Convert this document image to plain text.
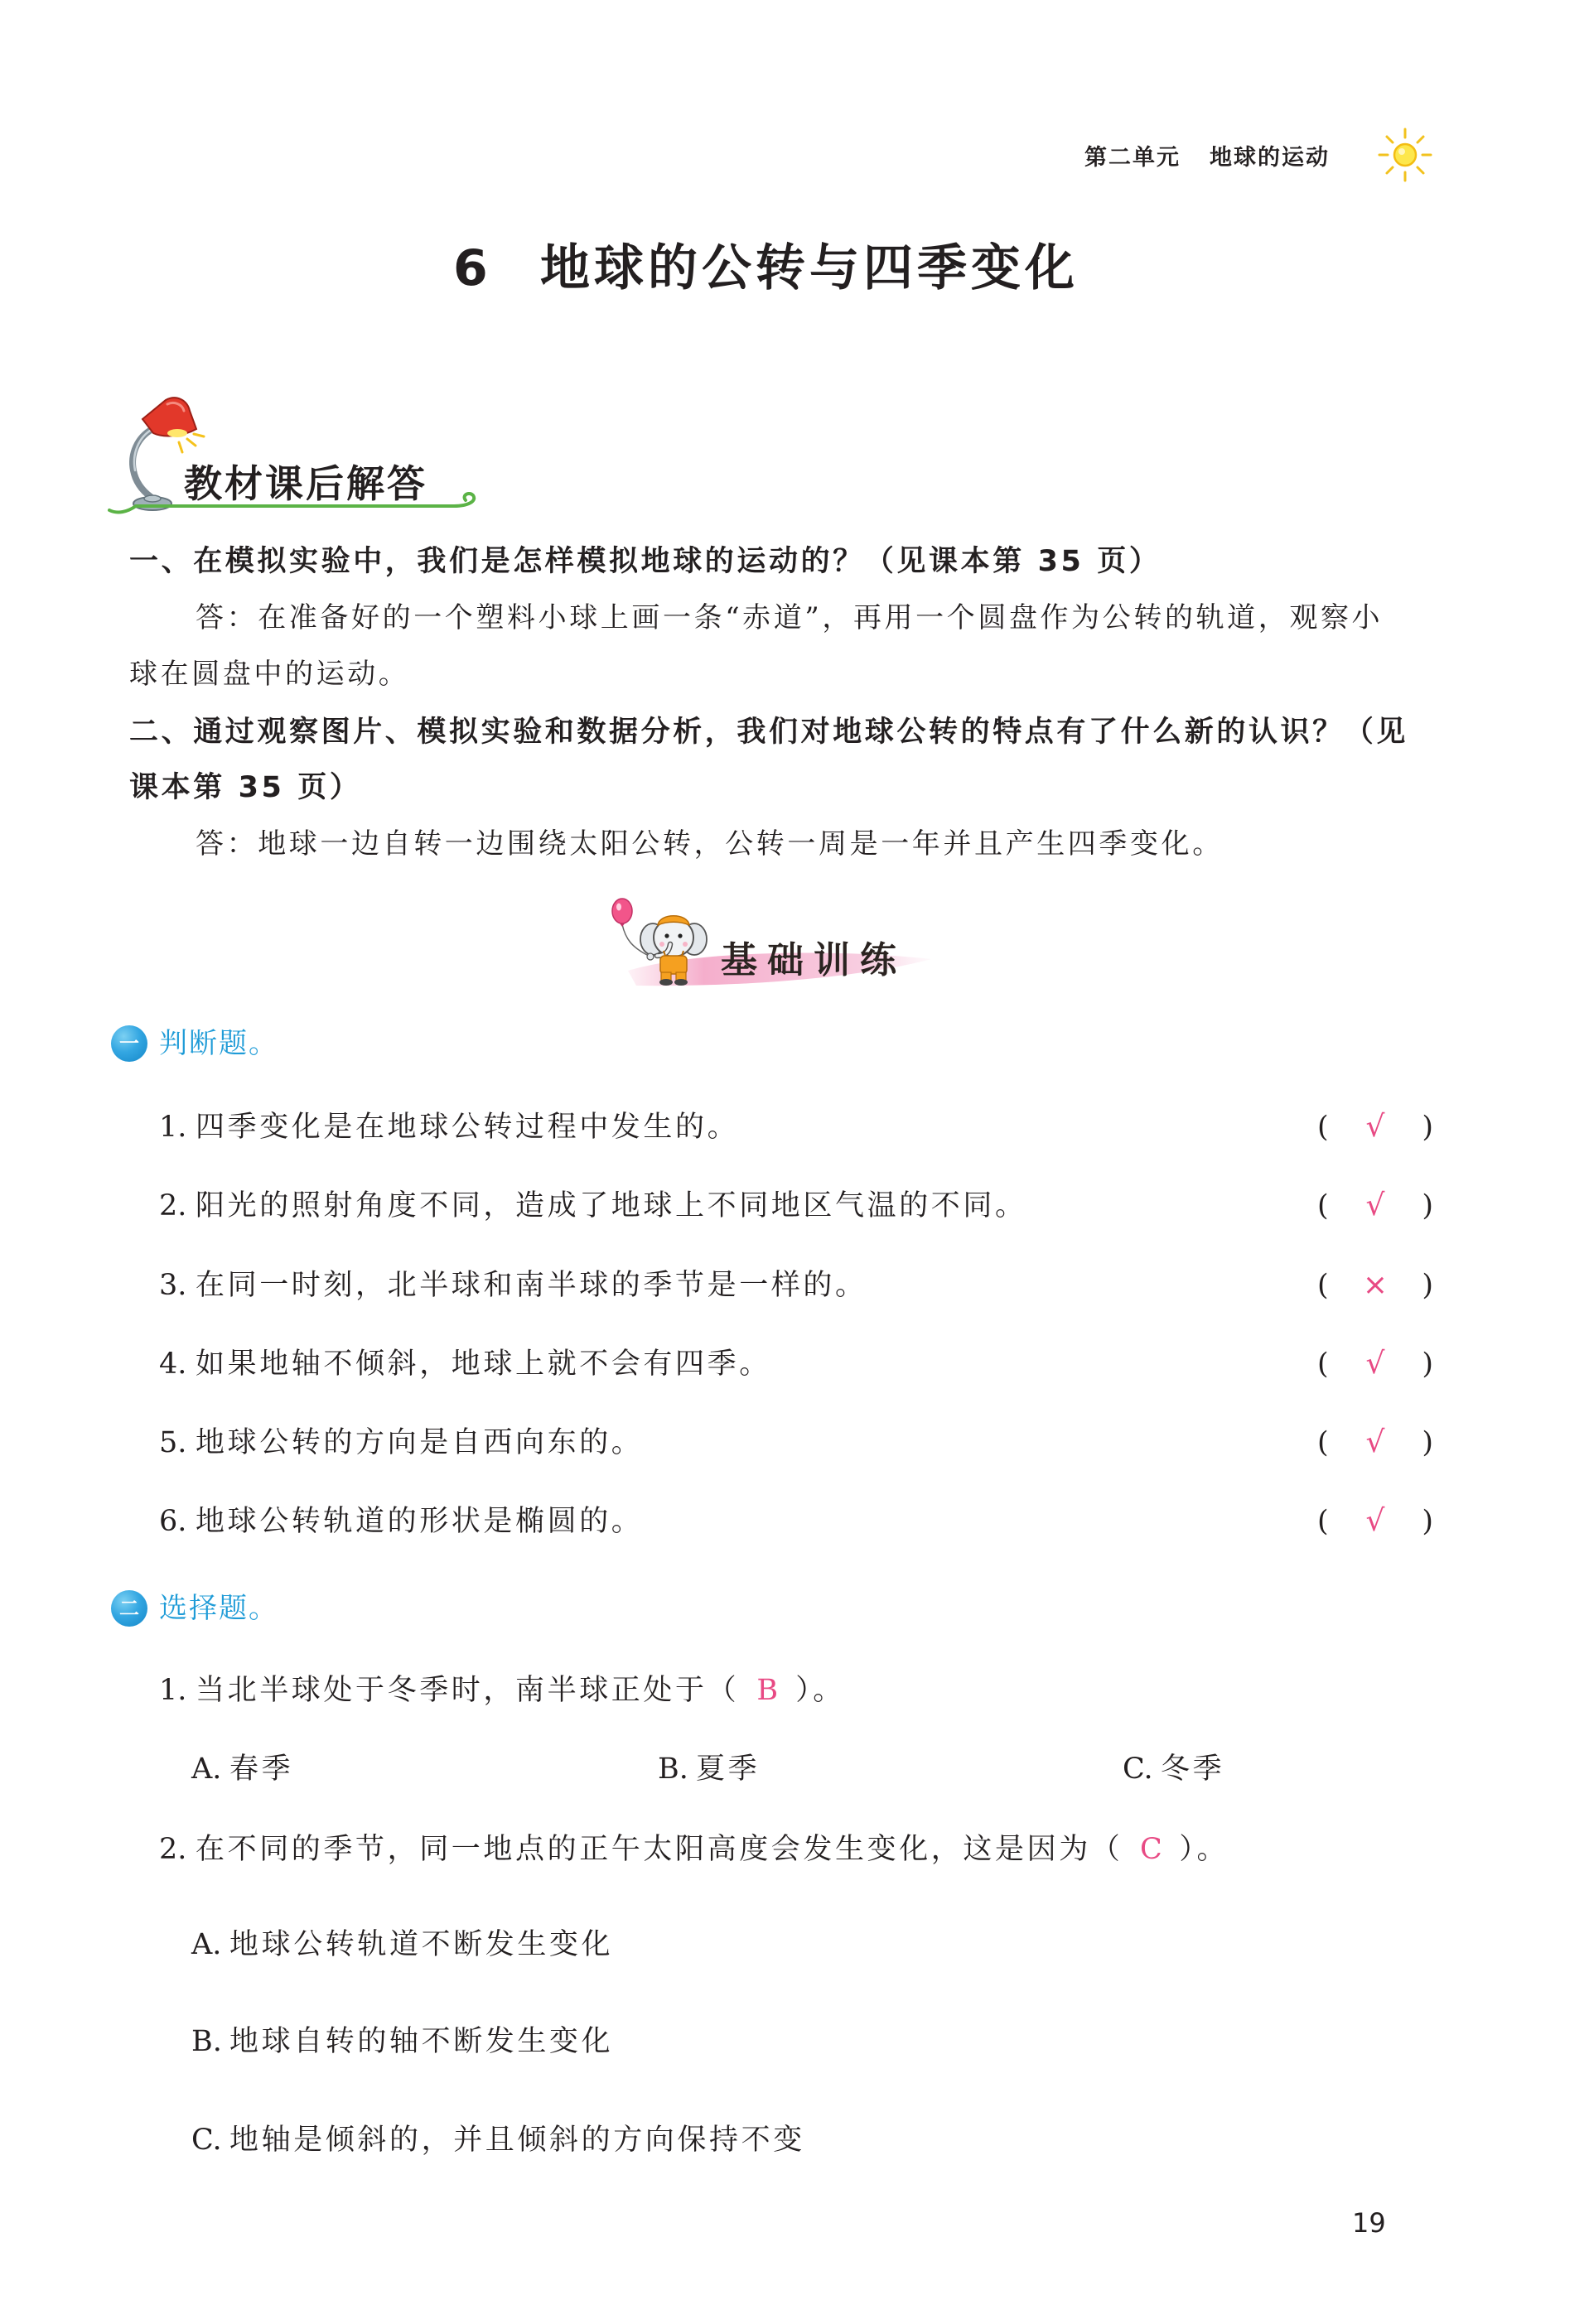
第二单元 地球的运动
6 地球的公转与四季变化
教材课后解答
一、在模拟实验中，我们是怎样模拟地球的运动的？（见课本第 35 页）
答：在准备好的一个塑料小球上画一条“赤道”，再用一个圆盘作为公转的轨道，观察小
球在圆盘中的运动。
二、通过观察图片、模拟实验和数据分析，我们对地球公转的特点有了什么新的认识？（见
课本第 35 页）
答：地球一边自转一边围绕太阳公转，公转一周是一年并且产生四季变化。
基础训练
一 判断题。
1. 四季变化是在地球公转过程中发生的。	( √ )
2. 阳光的照射角度不同，造成了地球上不同地区气温的不同。	( √ )
3. 在同一时刻，北半球和南半球的季节是一样的。	( × )
4. 如果地轴不倾斜，地球上就不会有四季。	( √ )
5. 地球公转的方向是自西向东的。	( √ )
6. 地球公转轨道的形状是椭圆的。	( √ )
二 选择题。
1. 当北半球处于冬季时，南半球正处于（ B ）。
A. 春季	B. 夏季	C. 冬季
2. 在不同的季节，同一地点的正午太阳高度会发生变化，这是因为（ C ）。
A. 地球公转轨道不断发生变化
B. 地球自转的轴不断发生变化
C. 地轴是倾斜的，并且倾斜的方向保持不变
19
